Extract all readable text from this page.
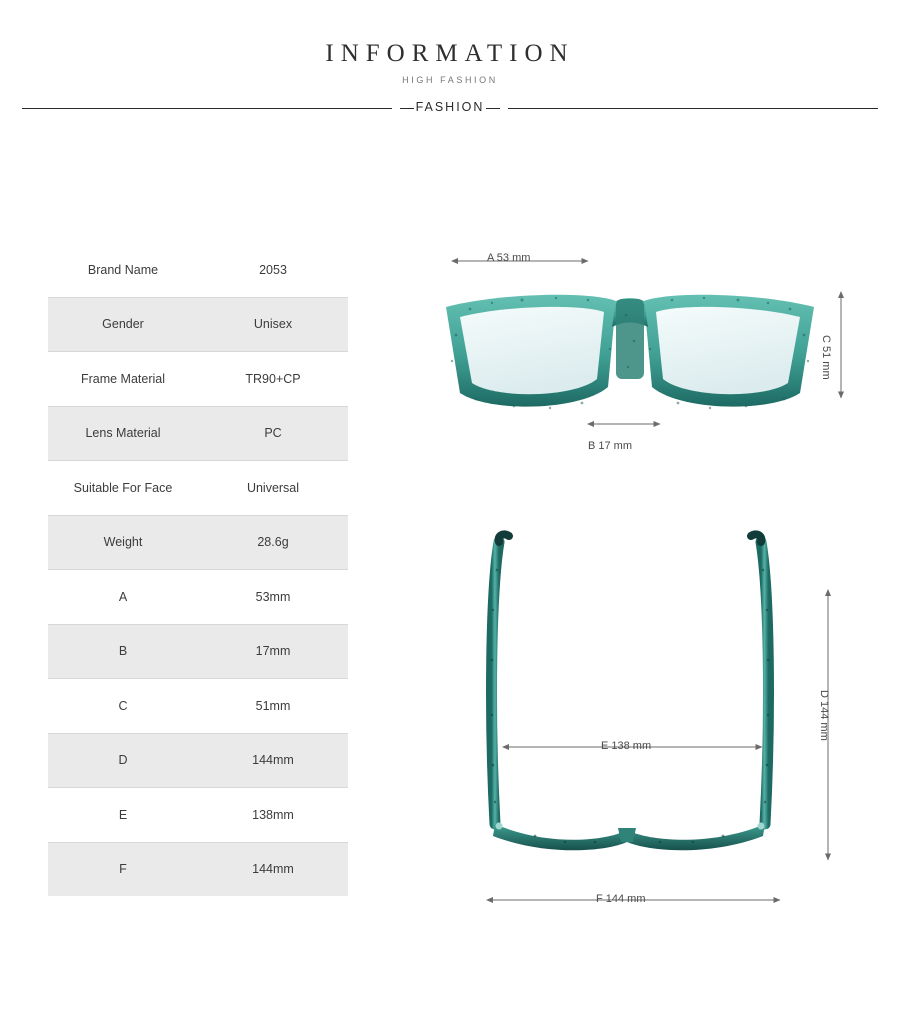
INFORMATION
HIGH FASHION
FASHION
Brand Name	2053
Gender	Unisex
Frame Material	TR90+CP
Lens Material	PC
Suitable For Face	Universal
Weight	28.6g
A	53mm
B	17mm
C	51mm
D	144mm
E	138mm
F	144mm
A 53 mm
B 17 mm
C 51 mm
D 144 mm
E 138 mm
F 144 mm
